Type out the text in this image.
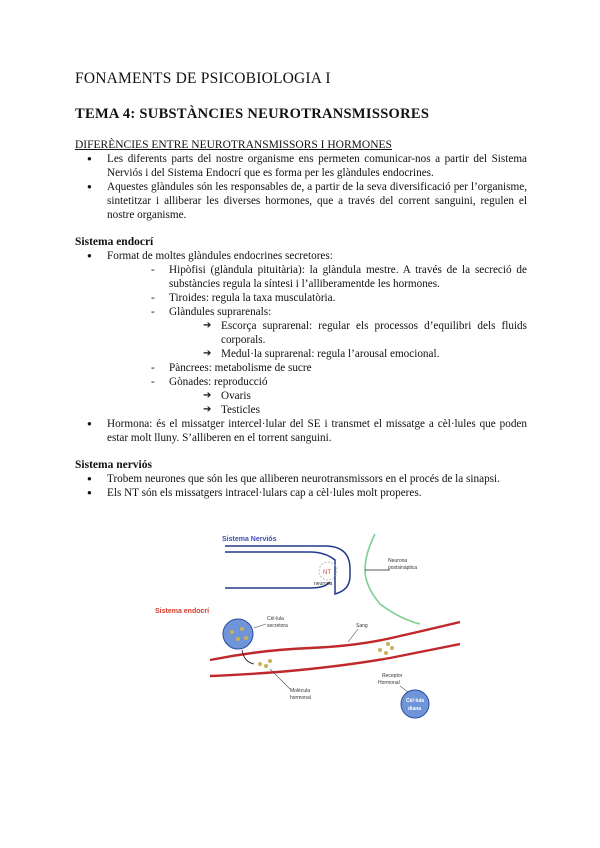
FONAMENTS DE PSICOBIOLOGIA I
TEMA 4: SUBSTÀNCIES NEUROTRANSMISSORES

DIFERÈNCIES ENTRE NEUROTRANSMISSORS I HORMONES

● Les diferents parts del nostre organisme ens permeten comunicar-nos a partir del Sistema Nerviós i del Sistema Endocrí que es forma per les glàndules endocrines.
● Aquestes glàndules són les responsables de, a partir de la seva diversificació per l’organisme, sintetitzar i alliberar les diverses hormones, que a través del corrent sanguini, regulen el nostre organisme.

Sistema endocrí

● Format de moltes glàndules endocrines secretores:
- Hipòfisi (glàndula pituitària): la glàndula mestre. A través de la secreció de substàncies regula la síntesi i l’alliberamentde les hormones.
- Tiroides: regula la taxa musculatòria.
- Glàndules suprarenals:
➔ Escorça suprarenal: regular els processos d’equilibri dels fluids corporals.
➔ Medul·la suprarenal: regula l’arousal emocional.
- Pàncrees: metabolisme de sucre
- Gònades: reproducció
➔ Ovaris
➔ Testicles
● Hormona: és el missatger intercel·lular del SE i transmet el missatge a cèl·lules que poden estar molt lluny. S’alliberen en el torrent sanguini.

Sistema nerviós

● Trobem neurones que són les que alliberen neurotransmissors en el procés de la sinapsi.
● Els NT són els missatgers intracel·lulars cap a cèl·lules molt properes.
Sistema Nerviós
NT
neurona
Neurona
postsinàptica
Sistema endocrí
Cèl·lula
secretora	Sang
Molècula
hormonal
Receptor
Hormonal
Cèl·lula
diana
